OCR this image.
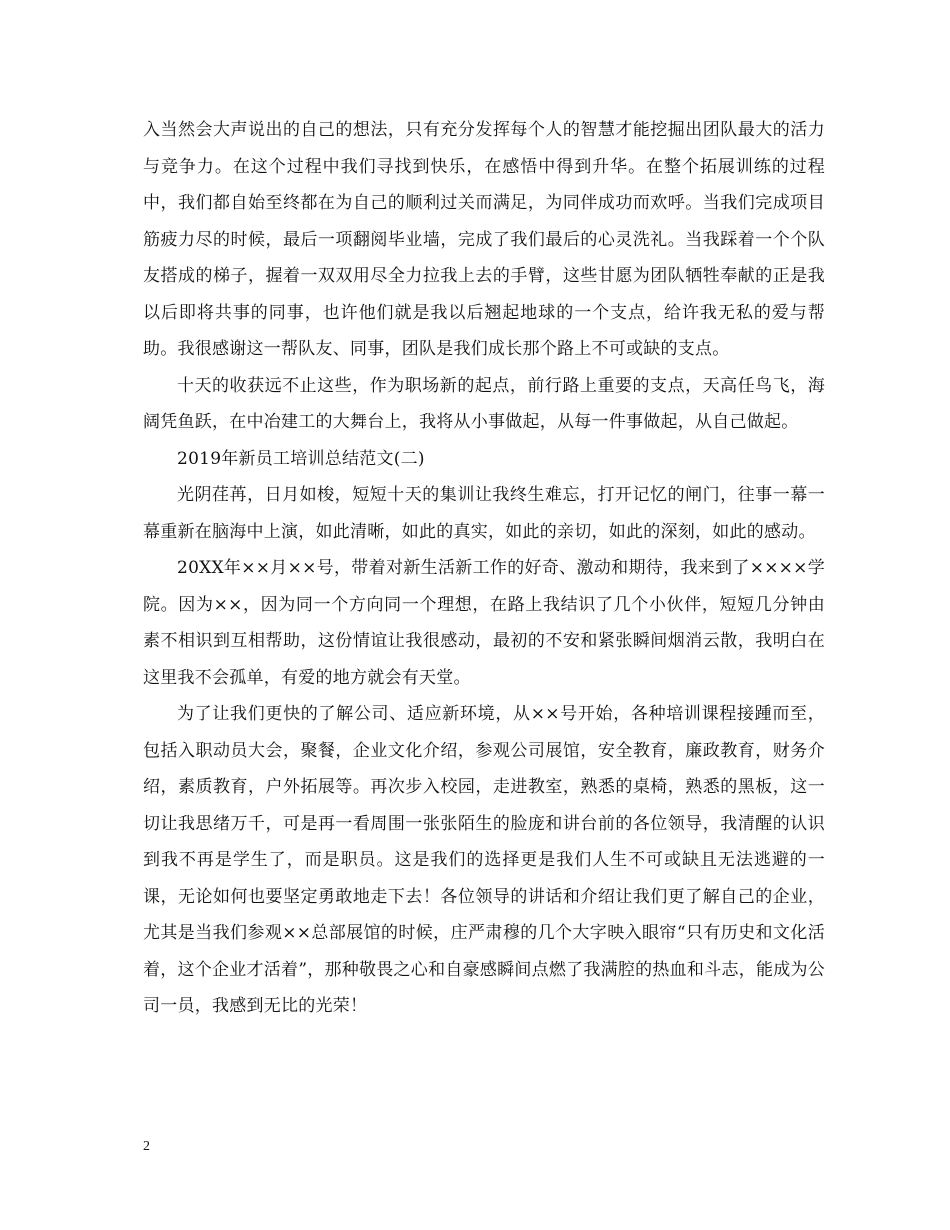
入当然会大声说出的自己的想法，只有充分发挥每个人的智慧才能挖掘出团队最大的活力与竞争力。在这个过程中我们寻找到快乐，在感悟中得到升华。在整个拓展训练的过程中，我们都自始至终都在为自己的顺利过关而满足，为同伴成功而欢呼。当我们完成项目筋疲力尽的时候，最后一项翻阅毕业墙，完成了我们最后的心灵洗礼。当我踩着一个个队友搭成的梯子，握着一双双用尽全力拉我上去的手臂，这些甘愿为团队牺牲奉献的正是我以后即将共事的同事，也许他们就是我以后翘起地球的一个支点，给许我无私的爱与帮助。我很感谢这一帮队友、同事，团队是我们成长那个路上不可或缺的支点。

十天的收获远不止这些，作为职场新的起点，前行路上重要的支点，天高任鸟飞，海阔凭鱼跃，在中冶建工的大舞台上，我将从小事做起，从每一件事做起，从自己做起。

2019年新员工培训总结范文(二)

光阴荏苒，日月如梭，短短十天的集训让我终生难忘，打开记忆的闸门，往事一幕一幕重新在脑海中上演，如此清晰，如此的真实，如此的亲切，如此的深刻，如此的感动。

20XX年××月××号，带着对新生活新工作的好奇、激动和期待，我来到了××××学院。因为××，因为同一个方向同一个理想，在路上我结识了几个小伙伴，短短几分钟由素不相识到互相帮助，这份情谊让我很感动，最初的不安和紧张瞬间烟消云散，我明白在这里我不会孤单，有爱的地方就会有天堂。

为了让我们更快的了解公司、适应新环境，从××号开始，各种培训课程接踵而至，包括入职动员大会，聚餐，企业文化介绍，参观公司展馆，安全教育，廉政教育，财务介绍，素质教育，户外拓展等。再次步入校园，走进教室，熟悉的桌椅，熟悉的黑板，这一切让我思绪万千，可是再一看周围一张张陌生的脸庞和讲台前的各位领导，我清醒的认识到我不再是学生了，而是职员。这是我们的选择更是我们人生不可或缺且无法逃避的一课，无论如何也要坚定勇敢地走下去！各位领导的讲话和介绍让我们更了解自己的企业，尤其是当我们参观××总部展馆的时候，庄严肃穆的几个大字映入眼帘“只有历史和文化活着，这个企业才活着”，那种敬畏之心和自豪感瞬间点燃了我满腔的热血和斗志，能成为公司一员，我感到无比的光荣！

2
